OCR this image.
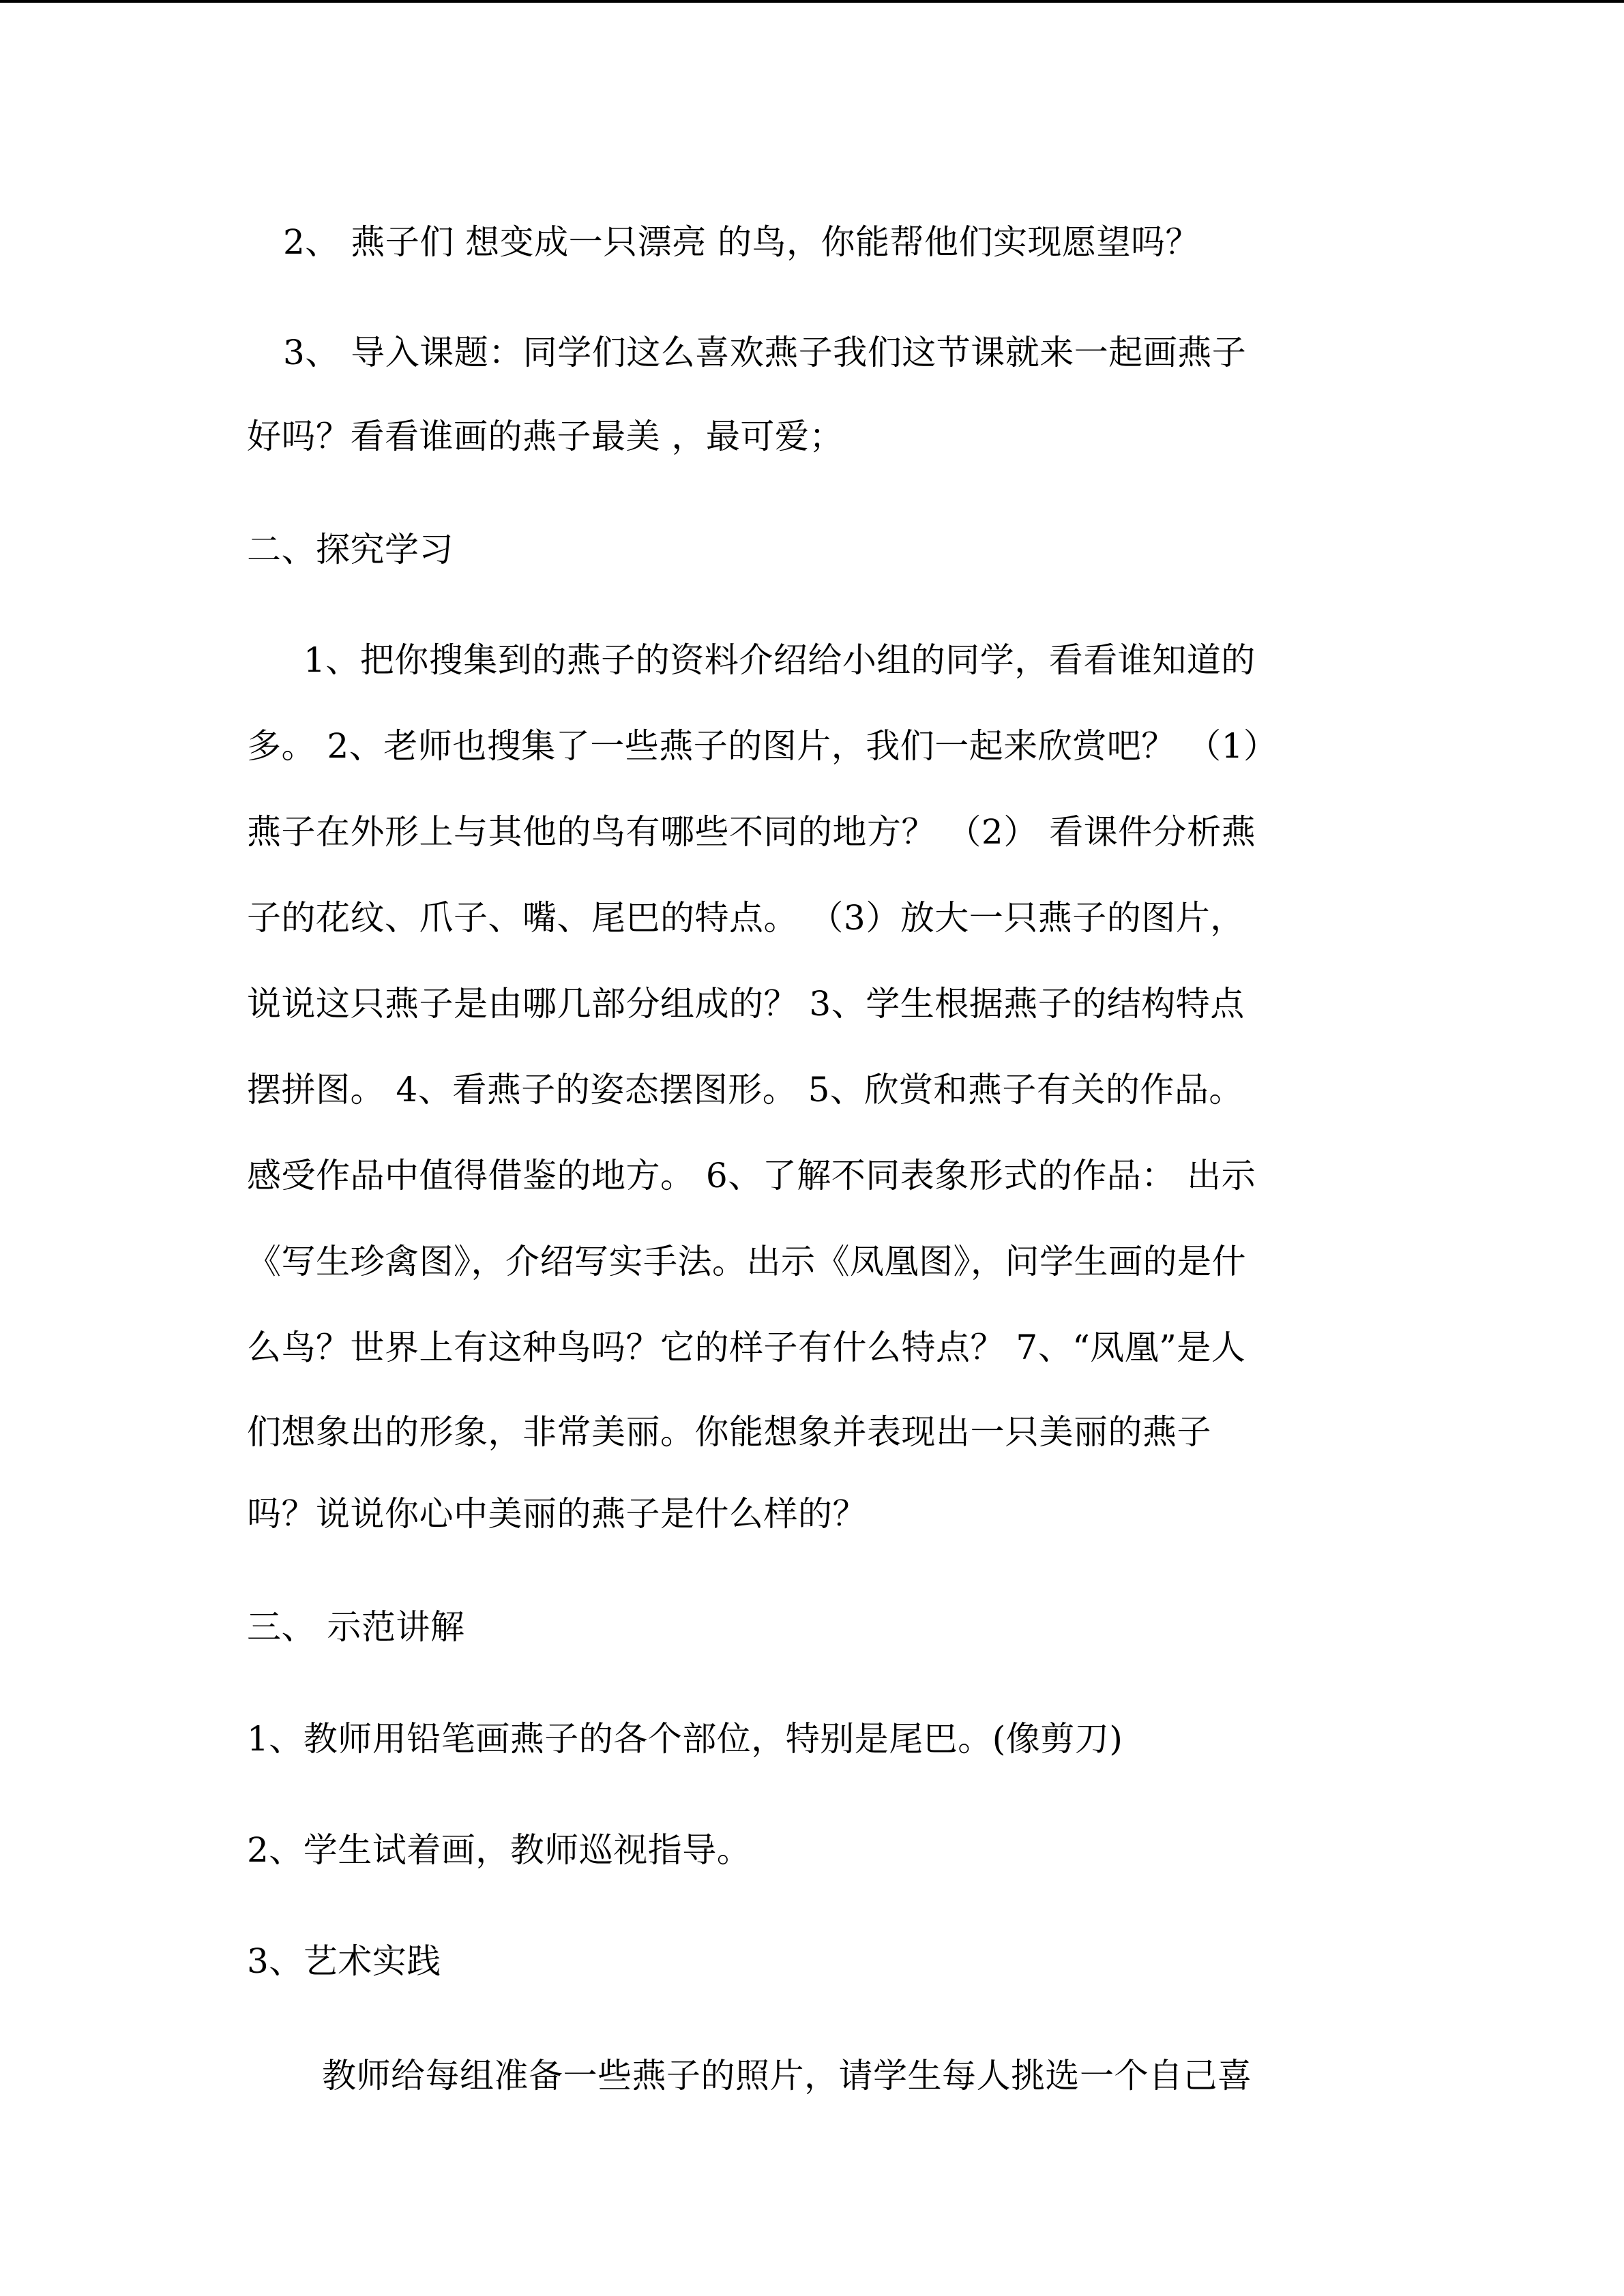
2、 燕子们 想变成一只漂亮 的鸟，你能帮他们实现愿望吗？
3、 导入课题：同学们这么喜欢燕子我们这节课就来一起画燕子
好吗？看看谁画的燕子最美 ，最可爱；
二、探究学习
1、把你搜集到的燕子的资料介绍给小组的同学，看看谁知道的
多。 2、老师也搜集了一些燕子的图片，我们一起来欣赏吧？ （1）
燕子在外形上与其他的鸟有哪些不同的地方？ （2） 看课件分析燕
子的花纹、爪子、嘴、尾巴的特点。 （3）放大一只燕子的图片，
说说这只燕子是由哪几部分组成的？ 3、学生根据燕子的结构特点
摆拼图。 4、看燕子的姿态摆图形。 5、欣赏和燕子有关的作品。
感受作品中值得借鉴的地方。 6、了解不同表象形式的作品： 出示
《写生珍禽图》，介绍写实手法。出示《凤凰图》，问学生画的是什
么鸟？世界上有这种鸟吗？它的样子有什么特点？ 7、“凤凰”是人
们想象出的形象，非常美丽。你能想象并表现出一只美丽的燕子
吗？说说你心中美丽的燕子是什么样的？
三、 示范讲解
1、教师用铅笔画燕子的各个部位，特别是尾巴。(像剪刀)
2、学生试着画，教师巡视指导。
3、艺术实践
教师给每组准备一些燕子的照片，请学生每人挑选一个自己喜
